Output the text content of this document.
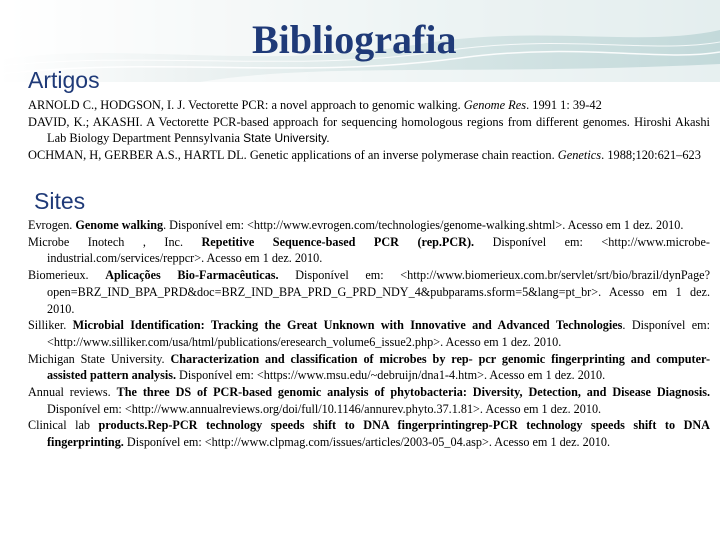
Bibliografia
Artigos

ARNOLD C., HODGSON, I. J. Vectorette PCR: a novel approach to genomic walking. Genome Res. 1991 1: 39-42

DAVID, K.; AKASHI. A Vectorette PCR-based approach for sequencing homologous regions from different genomes. Hiroshi Akashi Lab Biology Department Pennsylvania State University.

OCHMAN, H, GERBER A.S., HARTL DL. Genetic applications of an inverse polymerase chain reaction. Genetics. 1988;120:621–623

Sites

Evrogen. Genome walking. Disponível em: <http://www.evrogen.com/technologies/genome-walking.shtml>. Acesso em 1 dez. 2010.

Microbe Inotech , Inc. Repetitive Sequence-based PCR (rep.PCR). Disponível em: <http://www.microbe-industrial.com/services/reppcr>. Acesso em 1 dez. 2010.

Biomerieux. Aplicações Bio-Farmacêuticas. Disponível em: <http://www.biomerieux.com.br/servlet/srt/bio/brazil/dynPage?open=BRZ_IND_BPA_PRD&doc=BRZ_IND_BPA_PRD_G_PRD_NDY_4&pubparams.sform=5&lang=pt_br>. Acesso em 1 dez. 2010.

Silliker. Microbial Identification: Tracking the Great Unknown with Innovative and Advanced Technologies. Disponível em: <http://www.silliker.com/usa/html/publications/eresearch_volume6_issue2.php>. Acesso em 1 dez. 2010.

Michigan State University. Characterization and classification of microbes by rep- pcr genomic fingerprinting and computer-assisted pattern analysis. Disponível em: <https://www.msu.edu/~debruijn/dna1-4.htm>. Acesso em 1 dez. 2010.

Annual reviews. The three DS of PCR-based genomic analysis of phytobacteria: Diversity, Detection, and Disease Diagnosis. Disponível em: <http://www.annualreviews.org/doi/full/10.1146/annurev.phyto.37.1.81>. Acesso em 1 dez. 2010.

Clinical lab products.Rep-PCR technology speeds shift to DNA fingerprintingrep-PCR technology speeds shift to DNA fingerprinting. Disponível em: <http://www.clpmag.com/issues/articles/2003-05_04.asp>. Acesso em 1 dez. 2010.
